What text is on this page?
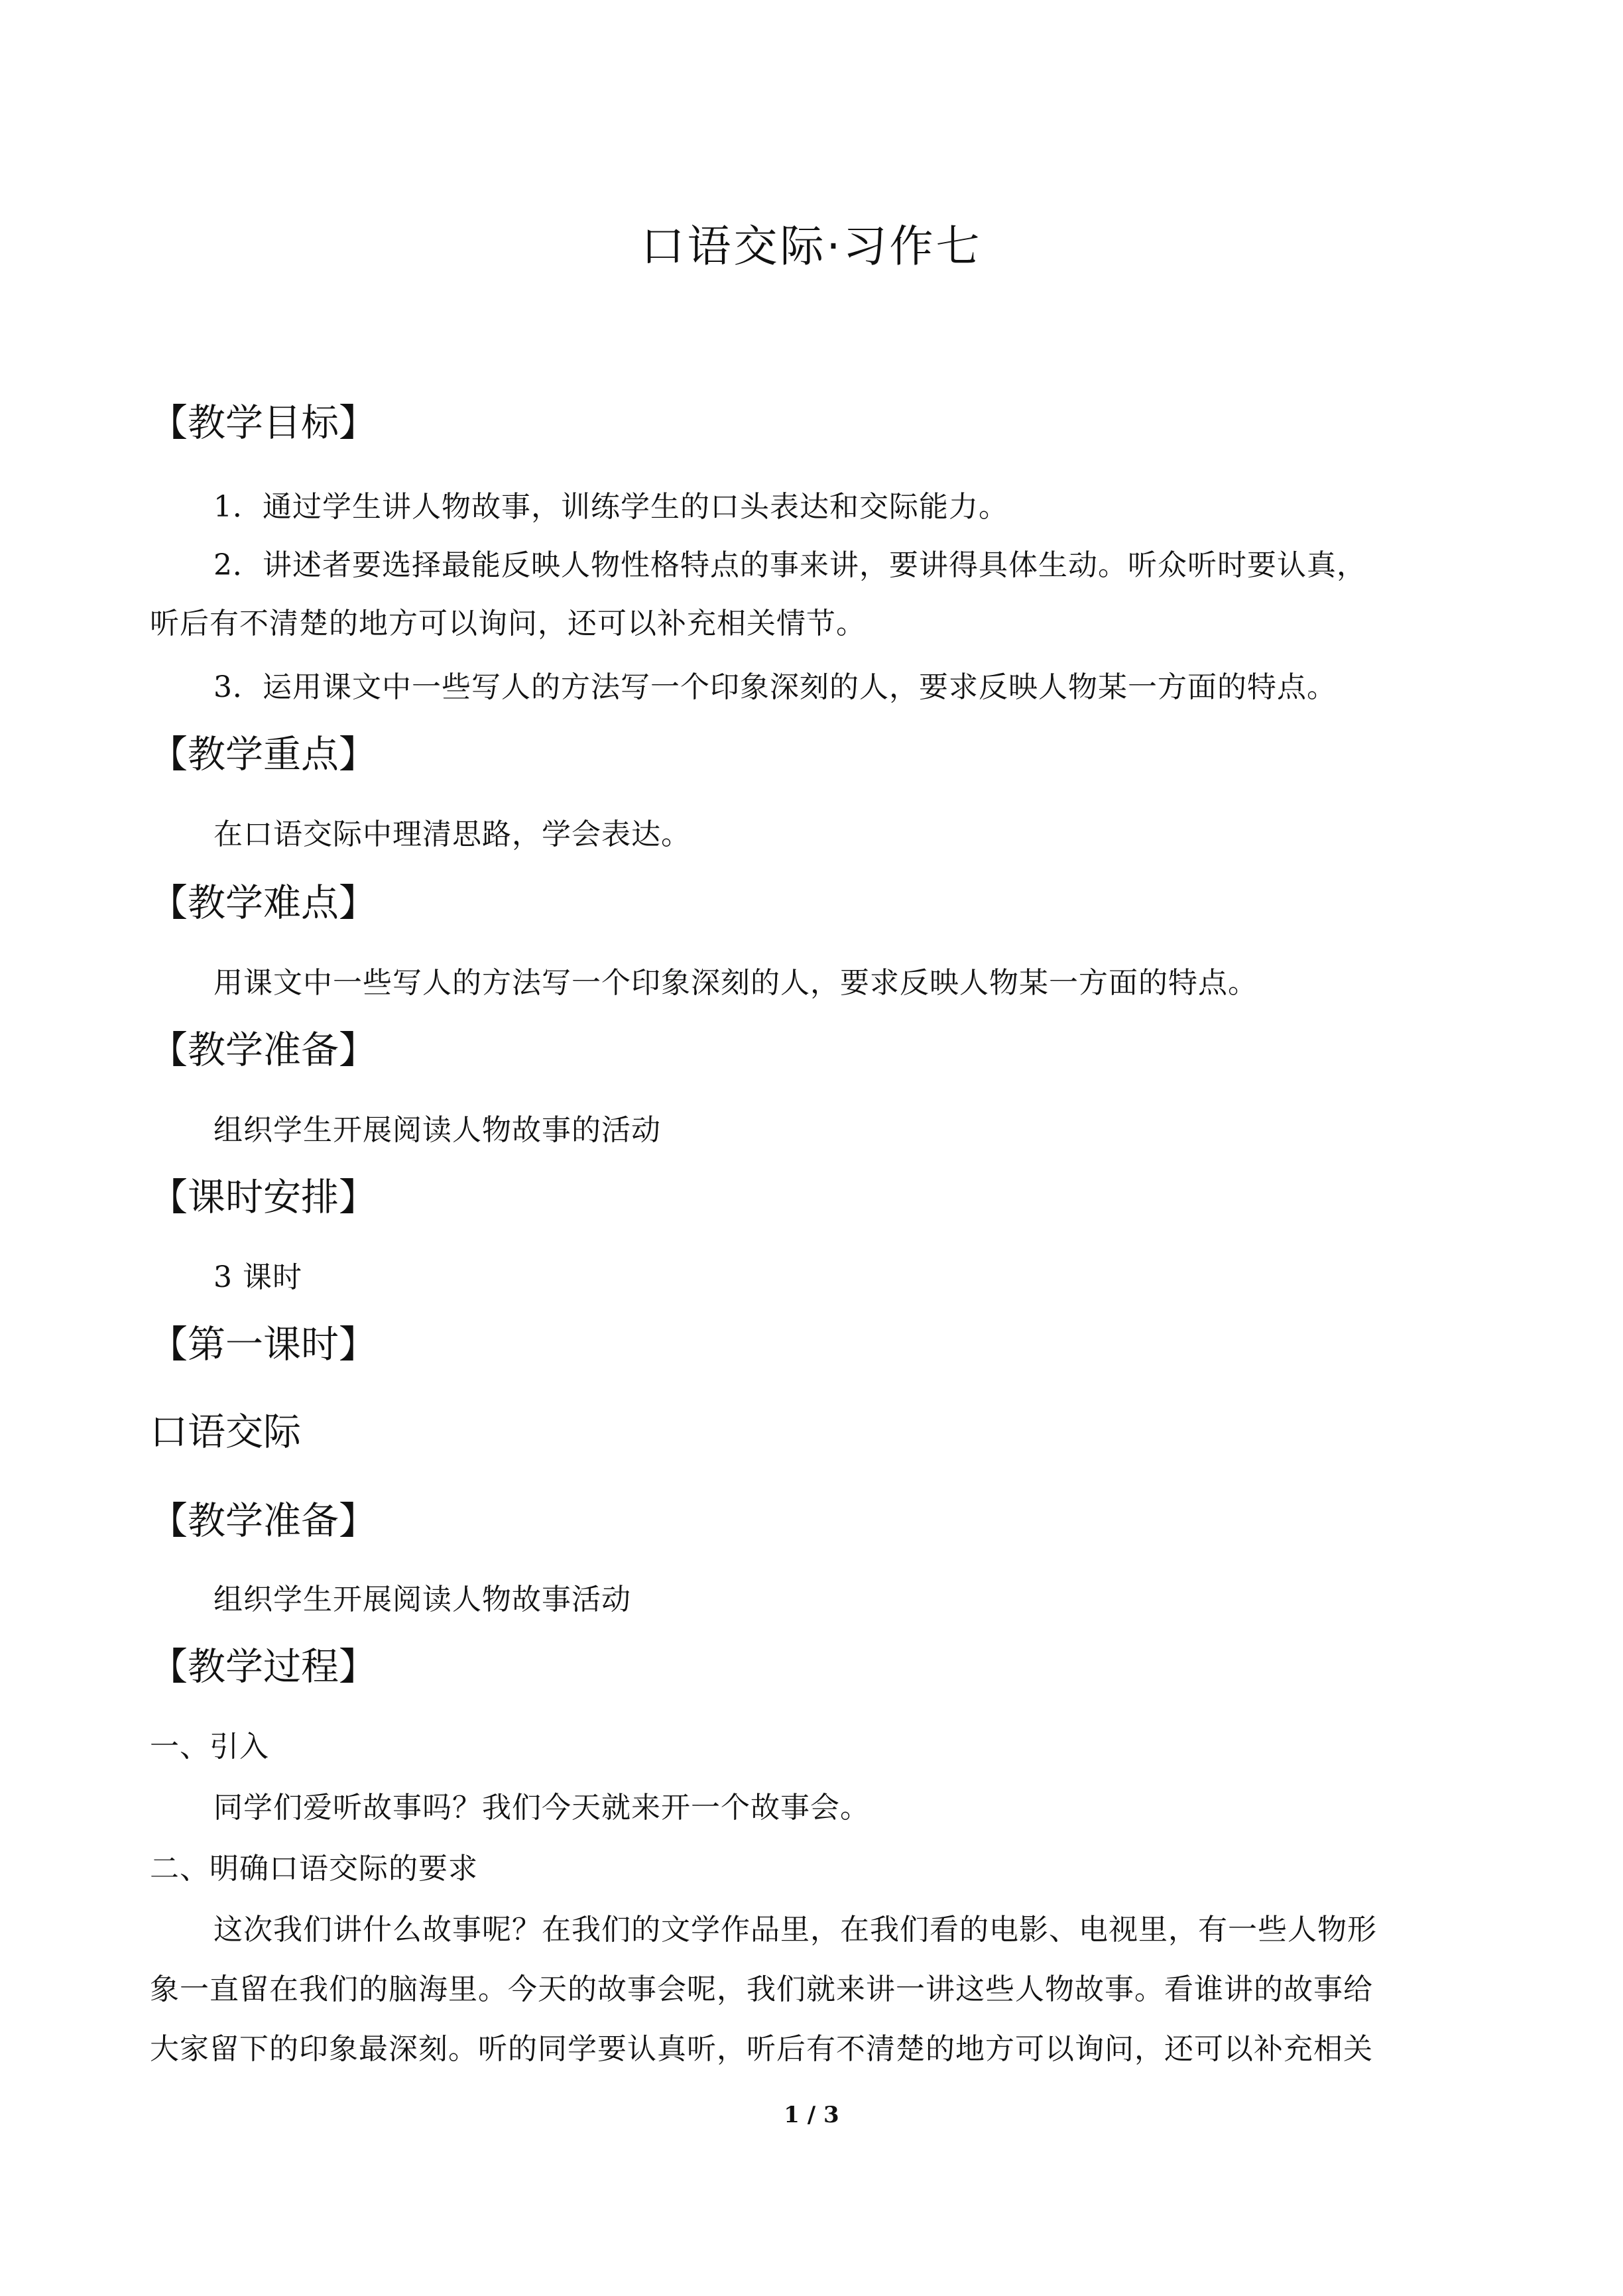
口语交际·习作七
【教学目标】
1．通过学生讲人物故事，训练学生的口头表达和交际能力。
2．讲述者要选择最能反映人物性格特点的事来讲，要讲得具体生动。听众听时要认真，
听后有不清楚的地方可以询问，还可以补充相关情节。
3．运用课文中一些写人的方法写一个印象深刻的人，要求反映人物某一方面的特点。
【教学重点】
在口语交际中理清思路，学会表达。
【教学难点】
用课文中一些写人的方法写一个印象深刻的人，要求反映人物某一方面的特点。
【教学准备】
组织学生开展阅读人物故事的活动
【课时安排】
3 课时
【第一课时】
口语交际
【教学准备】
组织学生开展阅读人物故事活动
【教学过程】
一、引入
同学们爱听故事吗？我们今天就来开一个故事会。
二、明确口语交际的要求
这次我们讲什么故事呢？在我们的文学作品里，在我们看的电影、电视里，有一些人物形
象一直留在我们的脑海里。今天的故事会呢，我们就来讲一讲这些人物故事。看谁讲的故事给
大家留下的印象最深刻。听的同学要认真听，听后有不清楚的地方可以询问，还可以补充相关
1 / 3
